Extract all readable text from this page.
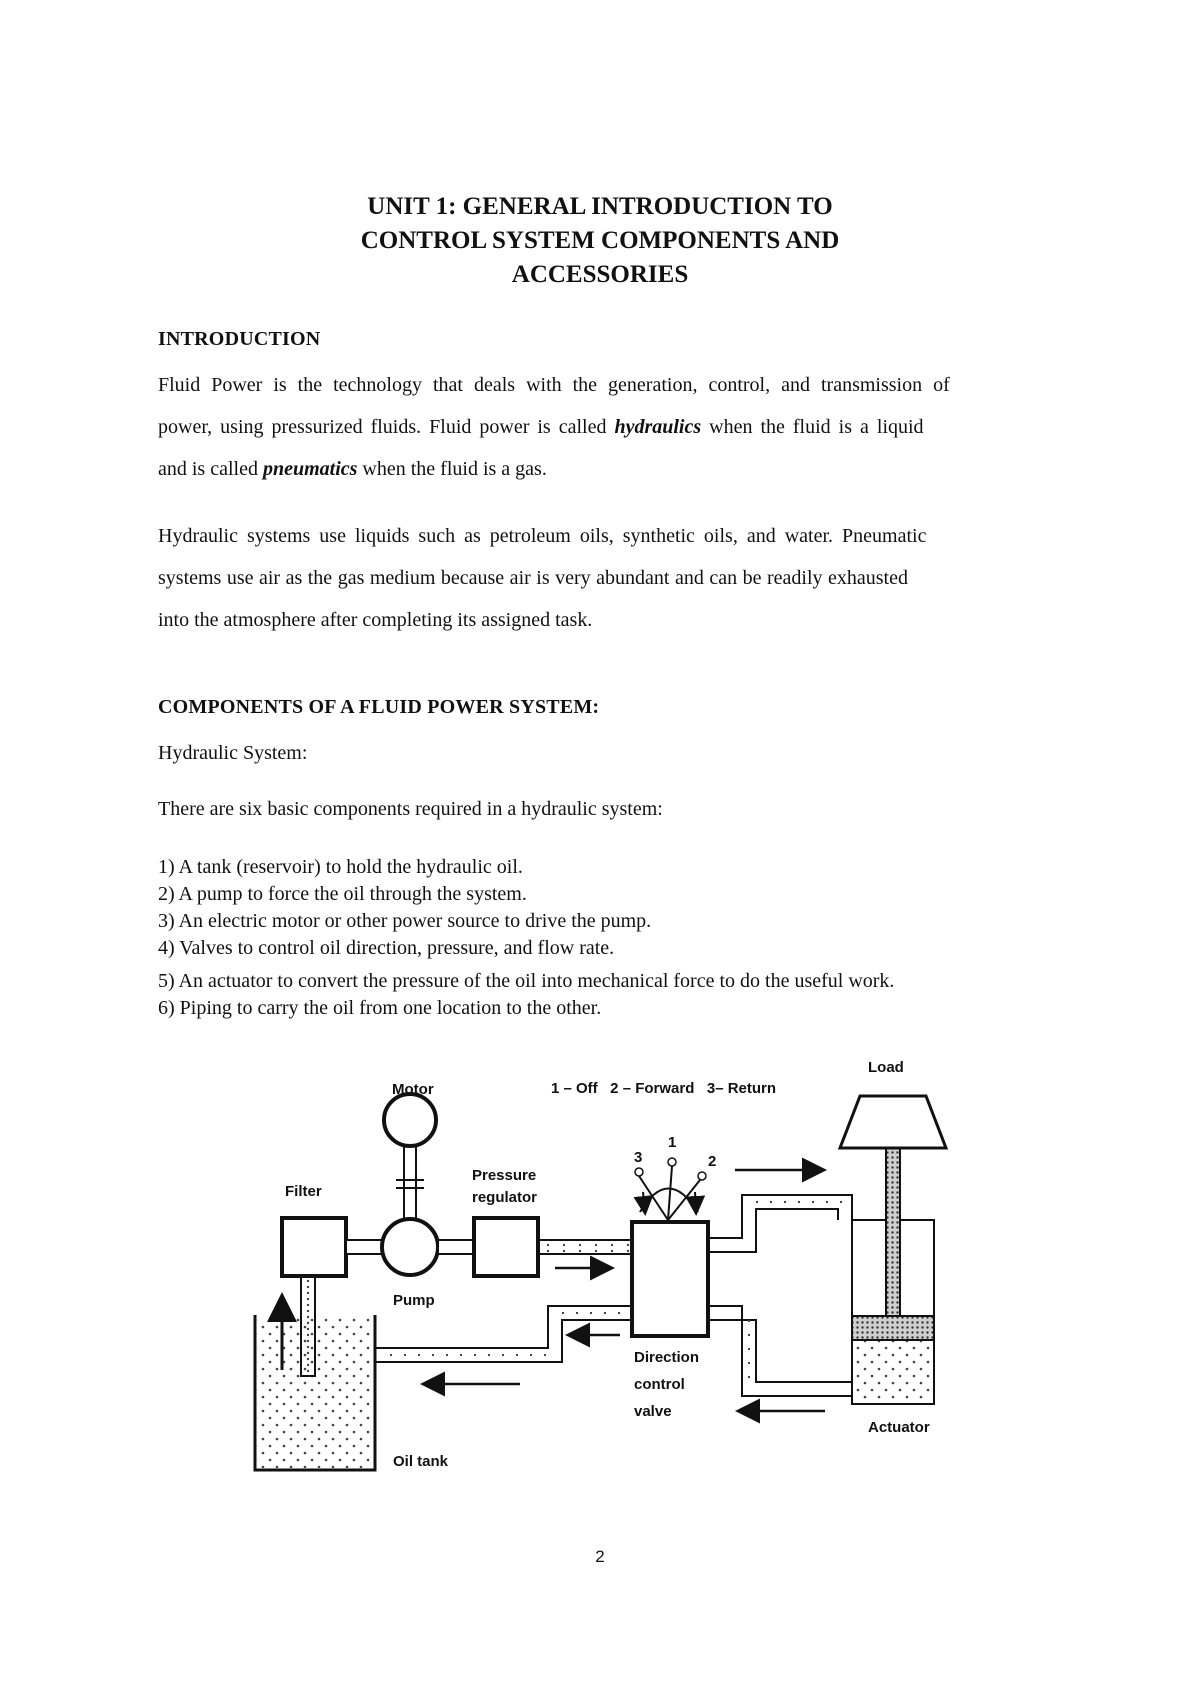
UNIT 1: GENERAL INTRODUCTION TO
CONTROL SYSTEM COMPONENTS AND
ACCESSORIES
INTRODUCTION
Fluid Power is the technology that deals with the generation, control, and transmission of
power, using pressurized fluids. Fluid power is called hydraulics when the fluid is a liquid
and is called pneumatics when the fluid is a gas.
Hydraulic systems use liquids such as petroleum oils, synthetic oils, and water. Pneumatic
systems use air as the gas medium because air is very abundant and can be readily exhausted
into the atmosphere after completing its assigned task.
COMPONENTS OF A FLUID POWER SYSTEM:
Hydraulic System:
There are six basic components required in a hydraulic system:
1) A tank (reservoir) to hold the hydraulic oil.
2) A pump to force the oil through the system.
3) An electric motor or other power source to drive the pump.
4) Valves to control oil direction, pressure, and flow rate.
5) An actuator to convert the pressure of the oil into mechanical force to do the useful work.
6) Piping to carry the oil from one location to the other.
3
1
2
Motor	1 – Off   2 – Forward   3– Return
Load
Filter
Pressure
regulator
Pump
Direction
control
valve
Actuator
Oil tank
2
